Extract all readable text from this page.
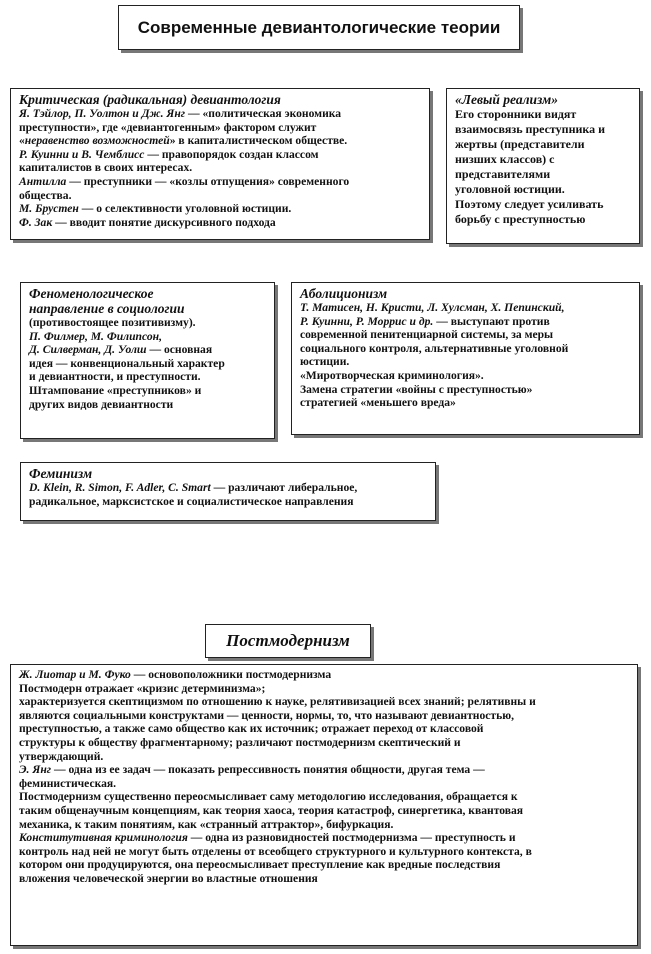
Современные девиантологические теории
Критическая (радикальная) девиантология
Я. Тэйлор, П. Уолтон и Дж. Янг — «политическая экономика
преступности», где «девиантогенным» фактором служит
«неравенство возможностей» в капиталистическом обществе.
Р. Куинни и В. Чемблисс — правопорядок создан классом
капиталистов в своих интересах.
Антилла — преступники — «козлы отпущения» современного
общества.
М. Брустен — о селективности уголовной юстиции.
Ф. Зак — вводит понятие дискурсивного подхода
«Левый реализм»
Его сторонники видят
взаимосвязь преступника и
жертвы (представители
низших классов) с
представителями
уголовной юстиции.
Поэтому следует усиливать
борьбу с преступностью
Феноменологическое
направление в социологии
(противостоящее позитивизму).
П. Филмер, М. Филипсон,
Д. Силверман, Д. Уолш — основная
идея — конвенциональный характер
и девиантности, и преступности.
Штампование «преступников» и
других видов девиантности
Аболиционизм
Т. Матисен, Н. Кристи, Л. Хулсман, Х. Пепинский,
Р. Куинни, Р. Моррис и др. — выступают против
современной пенитенциарной системы, за меры
социального контроля, альтернативные уголовной
юстиции.
«Миротворческая криминология».
Замена стратегии «войны с преступностью»
стратегией «меньшего вреда»
Феминизм
D. Klein, R. Simon, F. Adler, C. Smart — различают либеральное,
радикальное, марксистское и социалистическое направления
Постмодернизм
Ж. Лиотар и М. Фуко — основоположники постмодернизма
Постмодерн отражает «кризис детерминизма»;
характеризуется скептицизмом по отношению к науке, релятивизацией всех знаний; релятивны и
являются социальными конструктами — ценности, нормы, то, что называют девиантностью,
преступностью, а также само общество как их источник; отражает переход от классовой
структуры к обществу фрагментарному; различают постмодернизм скептический и
утверждающий.
Э. Янг — одна из ее задач — показать репрессивность понятия общности, другая тема —
феминистическая.
Постмодернизм существенно переосмысливает саму методологию исследования, обращается к
таким общенаучным концепциям, как теория хаоса, теория катастроф, синергетика, квантовая
механика, к таким понятиям, как «странный аттрактор», бифуркация.
Конститутивная криминология — одна из разновидностей постмодернизма — преступность и
контроль над ней не могут быть отделены от всеобщего структурного и культурного контекста, в
котором они продуцируются, она переосмысливает преступление как вредные последствия
вложения человеческой энергии во властные отношения
